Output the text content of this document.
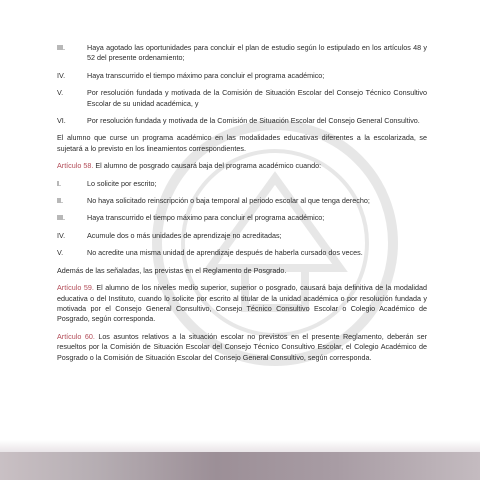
III.	Haya agotado las oportunidades para concluir el plan de estudio según lo estipulado en los artículos 48 y 52 del presente ordenamiento;
IV.	Haya transcurrido el tiempo máximo para concluir el programa académico;
V.	Por resolución fundada y motivada de la Comisión de Situación Escolar del Consejo Técnico Consultivo Escolar de su unidad académica, y
VI.	Por resolución fundada y motivada de la Comisión de Situación Escolar del Consejo General Consultivo.

El alumno que curse un programa académico en las modalidades educativas diferentes a la escolarizada, se sujetará a lo previsto en los lineamientos correspondientes.

Artículo 58. El alumno de posgrado causará baja del programa académico cuando:

I.	Lo solicite por escrito;
II.	No haya solicitado reinscripción o baja temporal al periodo escolar al que tenga derecho;
III.	Haya transcurrido el tiempo máximo para concluir el programa académico;
IV.	Acumule dos o más unidades de aprendizaje no acreditadas;
V.	No acredite una misma unidad de aprendizaje después de haberla cursado dos veces.

Además de las señaladas, las previstas en el Reglamento de Posgrado.

Artículo 59. El alumno de los niveles medio superior, superior o posgrado, causará baja definitiva de la modalidad educativa o del Instituto, cuando lo solicite por escrito al titular de la unidad académica o por resolución fundada y motivada por el Consejo General Consultivo, Consejo Técnico Consultivo Escolar o Colegio Académico de Posgrado, según corresponda.

Artículo 60. Los asuntos relativos a la situación escolar no previstos en el presente Reglamento, deberán ser resueltos por la Comisión de Situación Escolar del Consejo Técnico Consultivo Escolar, el Colegio Académico de Posgrado o la Comisión de Situación Escolar del Consejo General Consultivo, según corresponda.
